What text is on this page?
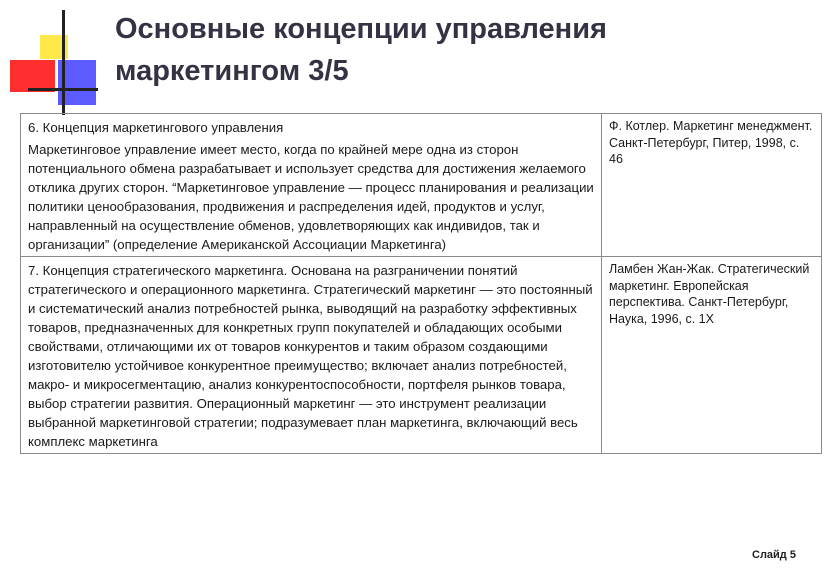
Основные концепции управления
маркетингом 3/5
6. Концепция маркетингового управления
Маркетинговое управление имеет место, когда по крайней мере одна из сторон потенциального обмена разрабатывает и использует средства для достижения желаемого отклика других сторон. “Маркетинговое управление — процесс планирования и реализации политики ценообразования, продвижения и распределения идей, продуктов и услуг, направленный на осуществление обменов, удовлетворяющих как индивидов, так и организации” (определение Американской Ассоциации Маркетинга)	Ф. Котлер. Маркетинг менеджмент. Санкт-Петербург, Питер, 1998, с. 46
7. Концепция стратегического маркетинга. Основана на разграничении понятий стратегического и операционного маркетинга. Стратегический маркетинг — это постоянный и систематический анализ потребностей рынка, выводящий на разработку эффективных товаров, предназначенных для конкретных групп покупателей и обладающих особыми свойствами, отличающими их от товаров конкурентов и таким образом создающими изготовителю устойчивое конкурентное преимущество; включает анализ потребностей, макро- и микросегментацию, анализ конкурентоспособности, портфеля рынков товара, выбор стратегии развития. Операционный маркетинг — это инструмент реализации выбранной маркетинговой стратегии; подразумевает план маркетинга, включающий весь комплекс маркетинга	Ламбен Жан-Жак. Стратегический маркетинг. Европейская перспектива. Санкт-Петербург, Наука, 1996, с. 1X
Слайд 5
